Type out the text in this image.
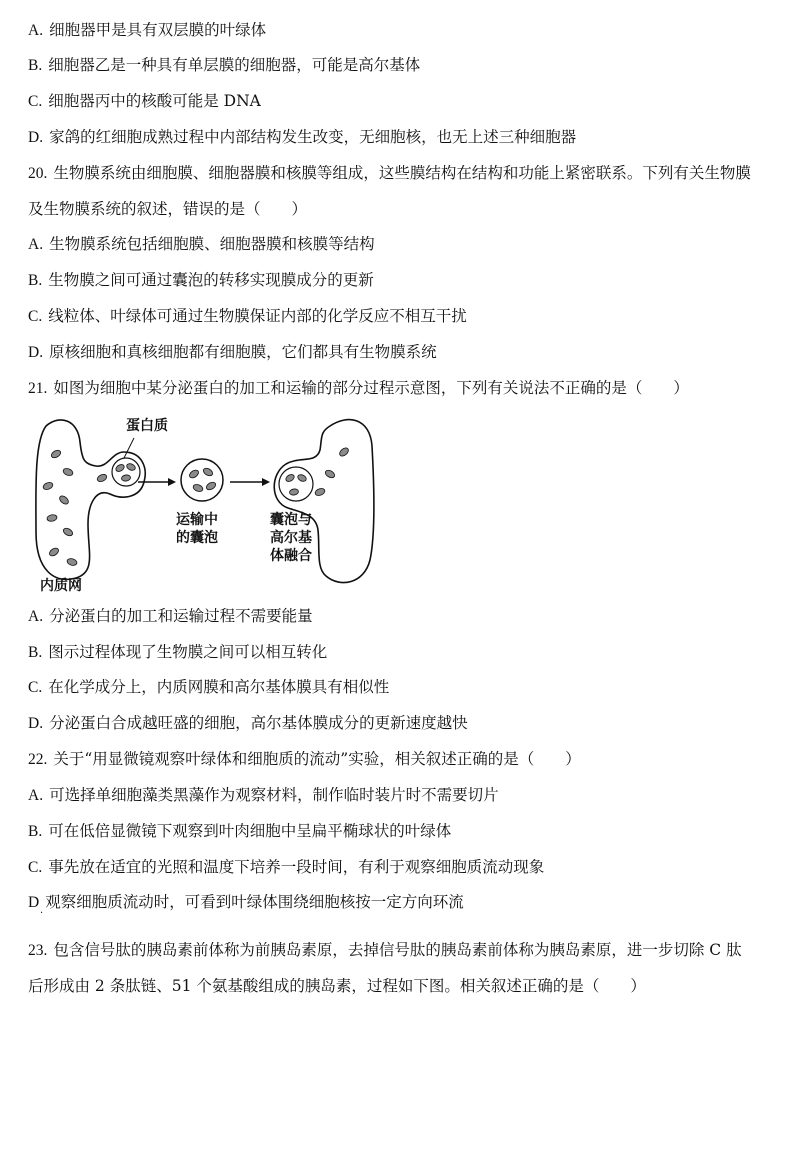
A. 细胞器甲是具有双层膜的叶绿体
B. 细胞器乙是一种具有单层膜的细胞器，可能是高尔基体
C. 细胞器丙中的核酸可能是 DNA
D. 家鸽的红细胞成熟过程中内部结构发生改变，无细胞核，也无上述三种细胞器
20. 生物膜系统由细胞膜、细胞器膜和核膜等组成，这些膜结构在结构和功能上紧密联系。下列有关生物膜
及生物膜系统的叙述，错误的是（　　）
A. 生物膜系统包括细胞膜、细胞器膜和核膜等结构
B. 生物膜之间可通过囊泡的转移实现膜成分的更新
C. 线粒体、叶绿体可通过生物膜保证内部的化学反应不相互干扰
D. 原核细胞和真核细胞都有细胞膜，它们都具有生物膜系统
21. 如图为细胞中某分泌蛋白的加工和运输的部分过程示意图，下列有关说法不正确的是（　　）
蛋白质
运输中
的囊泡
囊泡与
高尔基
体融合
内质网
A. 分泌蛋白的加工和运输过程不需要能量
B. 图示过程体现了生物膜之间可以相互转化
C. 在化学成分上，内质网膜和高尔基体膜具有相似性
D. 分泌蛋白合成越旺盛的细胞，高尔基体膜成分的更新速度越快
22. 关于“用显微镜观察叶绿体和细胞质的流动”实验，相关叙述正确的是（　　）
A. 可选择单细胞藻类黑藻作为观察材料，制作临时装片时不需要切片
B. 可在低倍显微镜下观察到叶肉细胞中呈扁平椭球状的叶绿体
C. 事先放在适宜的光照和温度下培养一段时间，有利于观察细胞质流动现象
D 观察细胞质流动时，可看到叶绿体围绕细胞核按一定方向环流
·
23. 包含信号肽的胰岛素前体称为前胰岛素原，去掉信号肽的胰岛素前体称为胰岛素原，进一步切除 C 肽
后形成由 2 条肽链、51 个氨基酸组成的胰岛素，过程如下图。相关叙述正确的是（　　）
